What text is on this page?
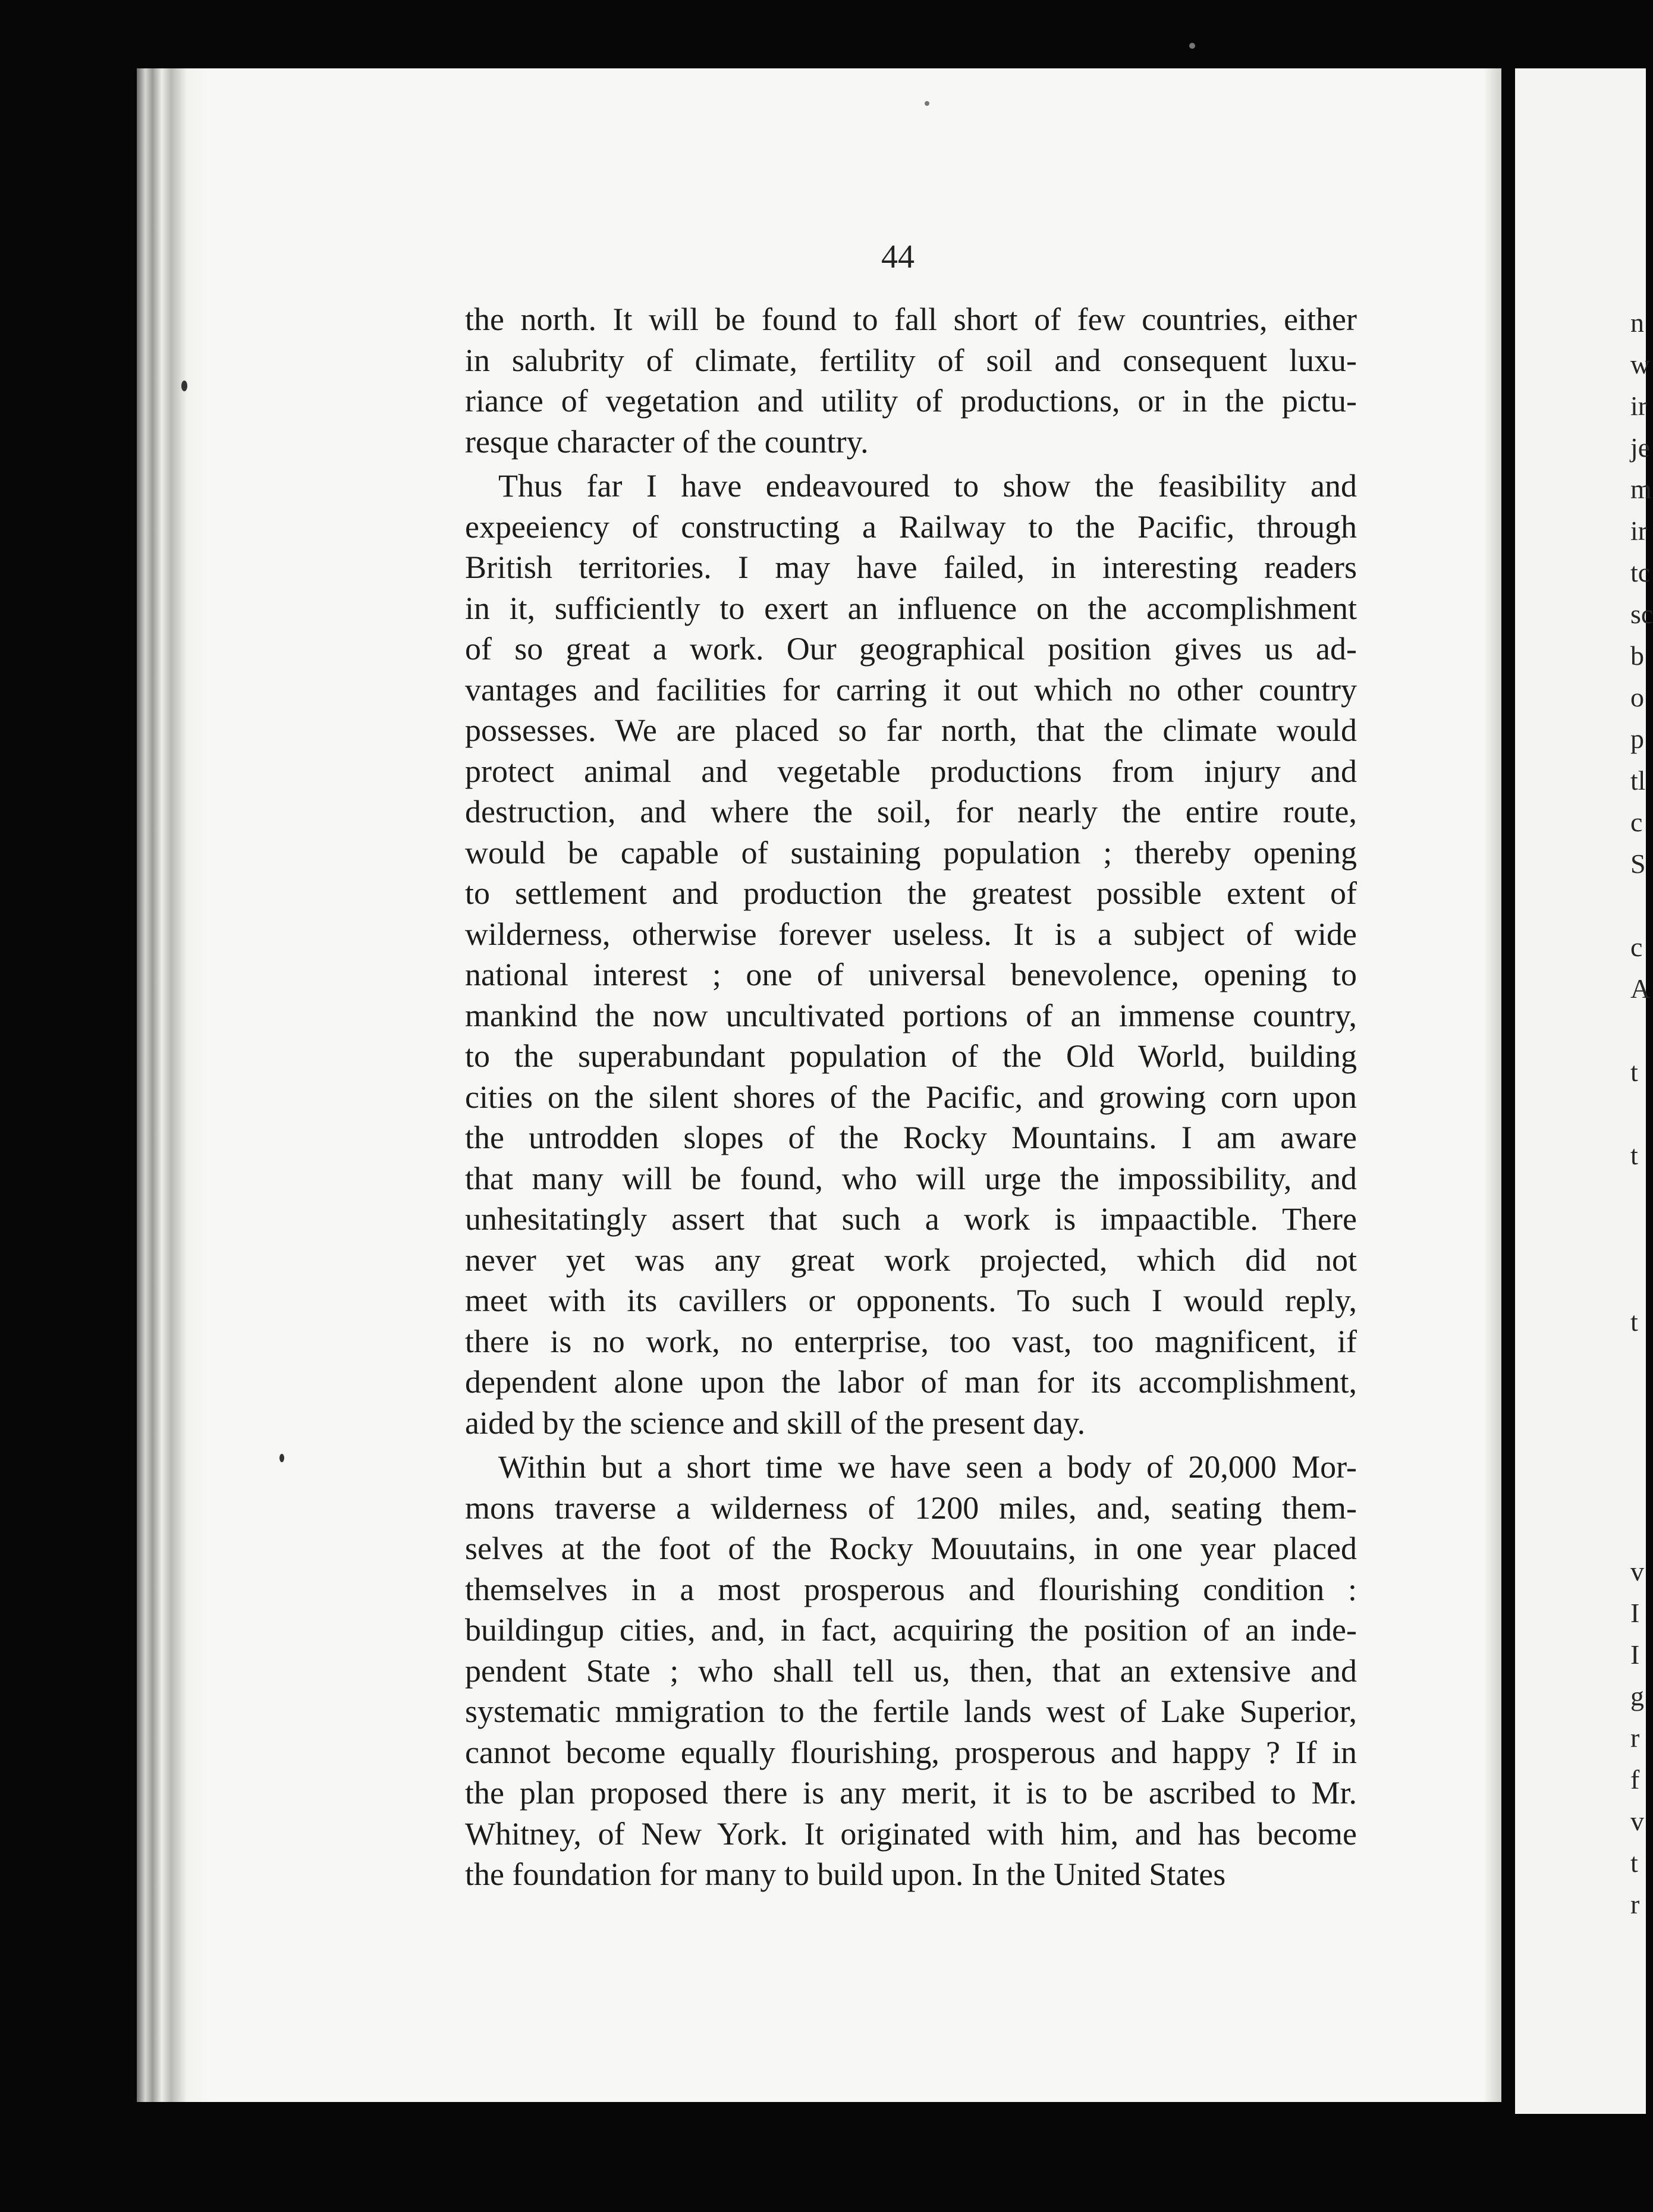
n
w
ir
je
m
ir
tc
sc
b
o
p
tl
c
S
c
A
t
t
t
v
I
I
g
r
f
v
t
r
44
the north. It will be found to fall short of few countries, either
in salubrity of climate, fertility of soil and consequent luxu-
riance of vegetation and utility of productions, or in the pictu-
resque character of the country.
Thus far I have endeavoured to show the feasibility and
expeeiency of constructing a Railway to the Pacific, through
British territories. I may have failed, in interesting readers
in it, sufficiently to exert an influence on the accomplishment
of so great a work. Our geographical position gives us ad-
vantages and facilities for carring it out which no other country
possesses. We are placed so far north, that the climate would
protect animal and vegetable productions from injury and
destruction, and where the soil, for nearly the entire route,
would be capable of sustaining population ; thereby opening
to settlement and production the greatest possible extent of
wilderness, otherwise forever useless. It is a subject of wide
national interest ; one of universal benevolence, opening to
mankind the now uncultivated portions of an immense country,
to the superabundant population of the Old World, building
cities on the silent shores of the Pacific, and growing corn upon
the untrodden slopes of the Rocky Mountains. I am aware
that many will be found, who will urge the impossibility, and
unhesitatingly assert that such a work is impaactible. There
never yet was any great work projected, which did not
meet with its cavillers or opponents. To such I would reply,
there is no work, no enterprise, too vast, too magnificent, if
dependent alone upon the labor of man for its accomplishment,
aided by the science and skill of the present day.
Within but a short time we have seen a body of 20,000 Mor-
mons traverse a wilderness of 1200 miles, and, seating them-
selves at the foot of the Rocky Mouutains, in one year placed
themselves in a most prosperous and flourishing condition :
buildingup cities, and, in fact, acquiring the position of an inde-
pendent State ; who shall tell us, then, that an extensive and
systematic mmigration to the fertile lands west of Lake Superior,
cannot become equally flourishing, prosperous and happy ? If in
the plan proposed there is any merit, it is to be ascribed to Mr.
Whitney, of New York. It originated with him, and has become
the foundation for many to build upon. In the United States
